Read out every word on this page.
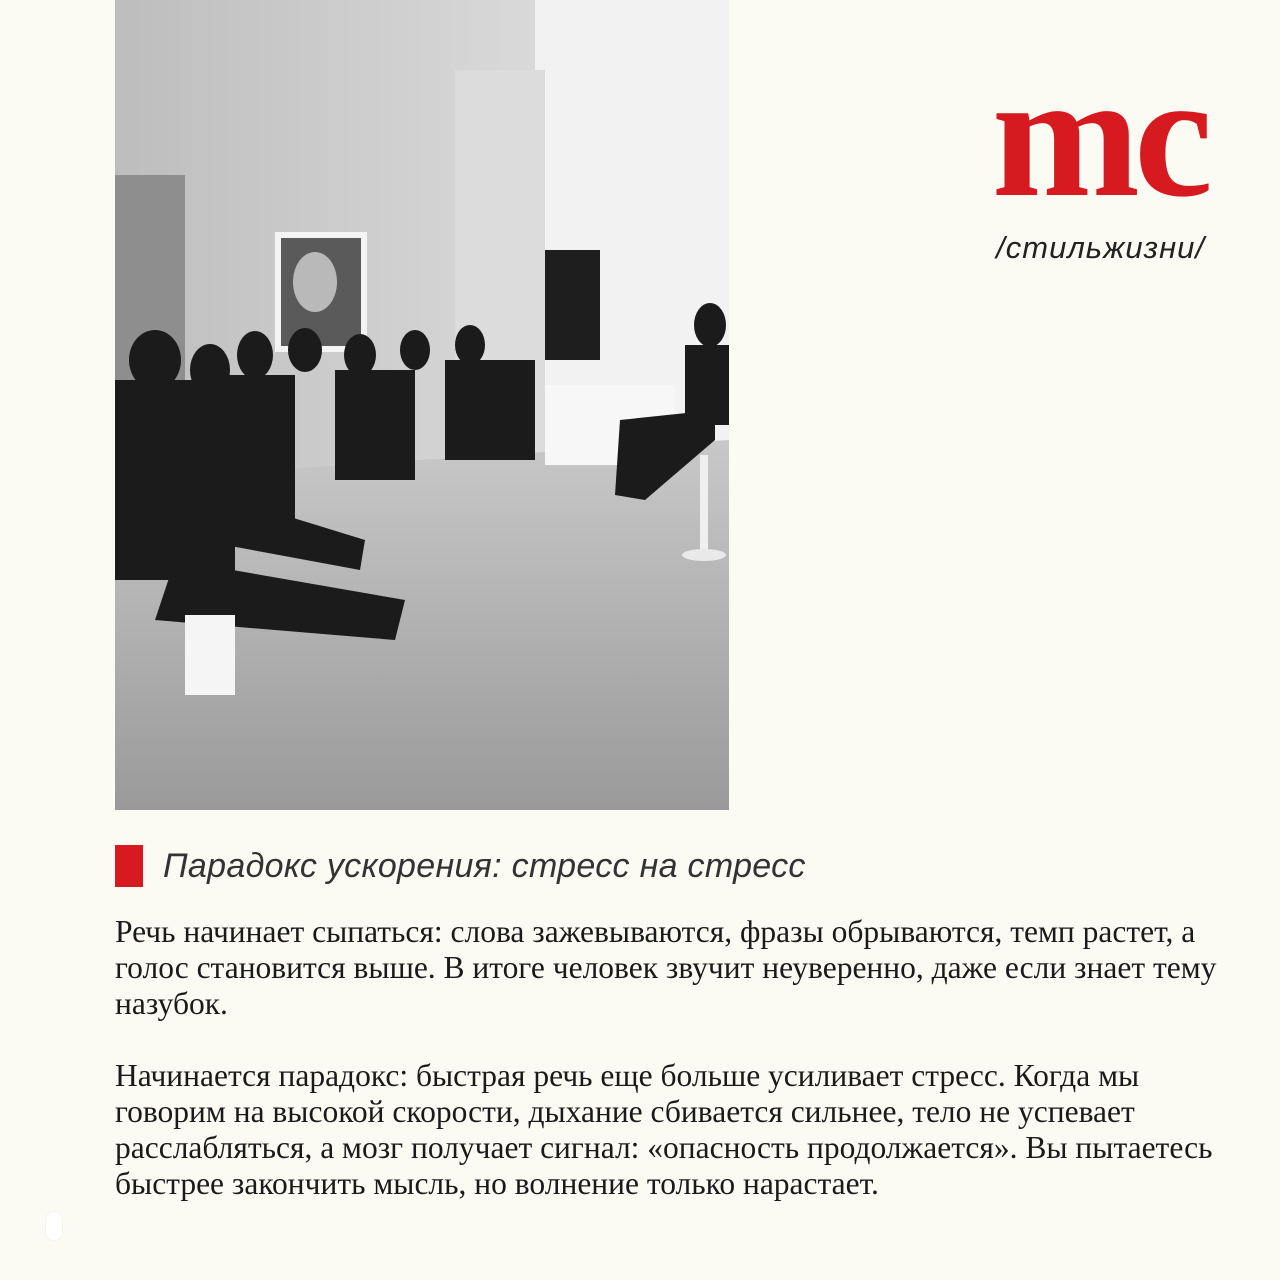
mc
/стильжизни/
Парадокс ускорения: стресс на стресс

Речь начинает сыпаться: слова зажевываются, фразы обрываются, темп растет, а голос становится выше. В итоге человек звучит неуверенно, даже если знает тему назубок.

Начинается парадокс: быстрая речь еще больше усиливает стресс. Когда мы говорим на высокой скорости, дыхание сбивается сильнее, тело не успевает расслабляться, а мозг получает сигнал: «опасность продолжается». Вы пытаетесь быстрее закончить мысль, но волнение только нарастает.
